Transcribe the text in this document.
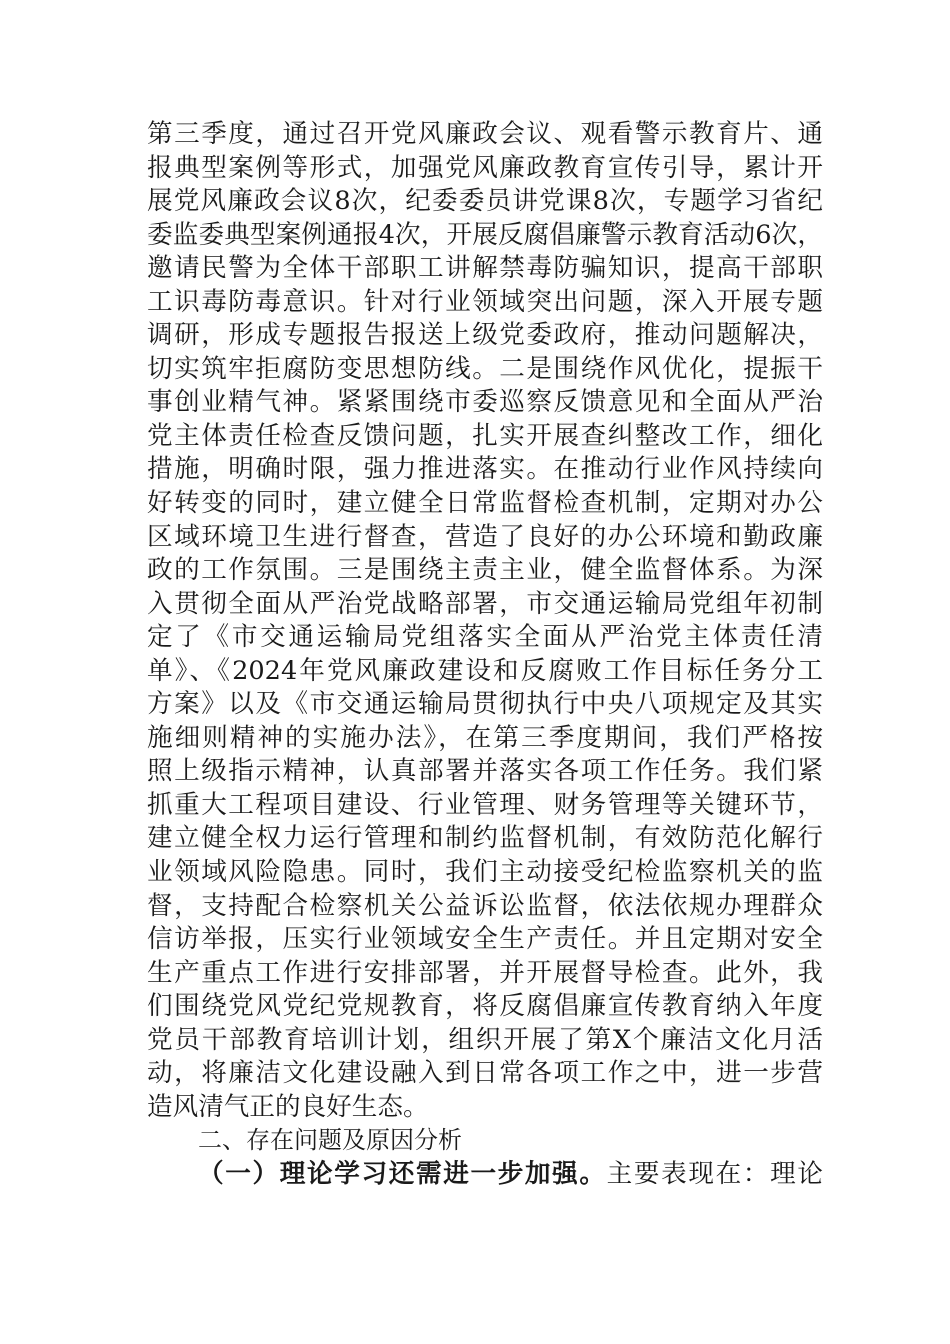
第三季度，通过召开党风廉政会议、观看警示教育片、通
报典型案例等形式，加强党风廉政教育宣传引导，累计开
展党风廉政会议8次，纪委委员讲党课8次，专题学习省纪
委监委典型案例通报4次，开展反腐倡廉警示教育活动6次，
邀请民警为全体干部职工讲解禁毒防骗知识，提高干部职
工识毒防毒意识。针对行业领域突出问题，深入开展专题
调研，形成专题报告报送上级党委政府，推动问题解决，
切实筑牢拒腐防变思想防线。二是围绕作风优化，提振干
事创业精气神。紧紧围绕市委巡察反馈意见和全面从严治
党主体责任检查反馈问题，扎实开展查纠整改工作，细化
措施，明确时限，强力推进落实。在推动行业作风持续向
好转变的同时，建立健全日常监督检查机制，定期对办公
区域环境卫生进行督查，营造了良好的办公环境和勤政廉
政的工作氛围。三是围绕主责主业，健全监督体系。为深
入贯彻全面从严治党战略部署，市交通运输局党组年初制
定了《市交通运输局党组落实全面从严治党主体责任清
单》、《2024年党风廉政建设和反腐败工作目标任务分工
方案》以及《市交通运输局贯彻执行中央八项规定及其实
施细则精神的实施办法》，在第三季度期间，我们严格按
照上级指示精神，认真部署并落实各项工作任务。我们紧
抓重大工程项目建设、行业管理、财务管理等关键环节，
建立健全权力运行管理和制约监督机制，有效防范化解行
业领域风险隐患。同时，我们主动接受纪检监察机关的监
督，支持配合检察机关公益诉讼监督，依法依规办理群众
信访举报，压实行业领域安全生产责任。并且定期对安全
生产重点工作进行安排部署，并开展督导检查。此外，我
们围绕党风党纪党规教育，将反腐倡廉宣传教育纳入年度
党员干部教育培训计划，组织开展了第X个廉洁文化月活
动，将廉洁文化建设融入到日常各项工作之中，进一步营
造风清气正的良好生态。
二、存在问题及原因分析
（一）理论学习还需进一步加强。主要表现在：理论
